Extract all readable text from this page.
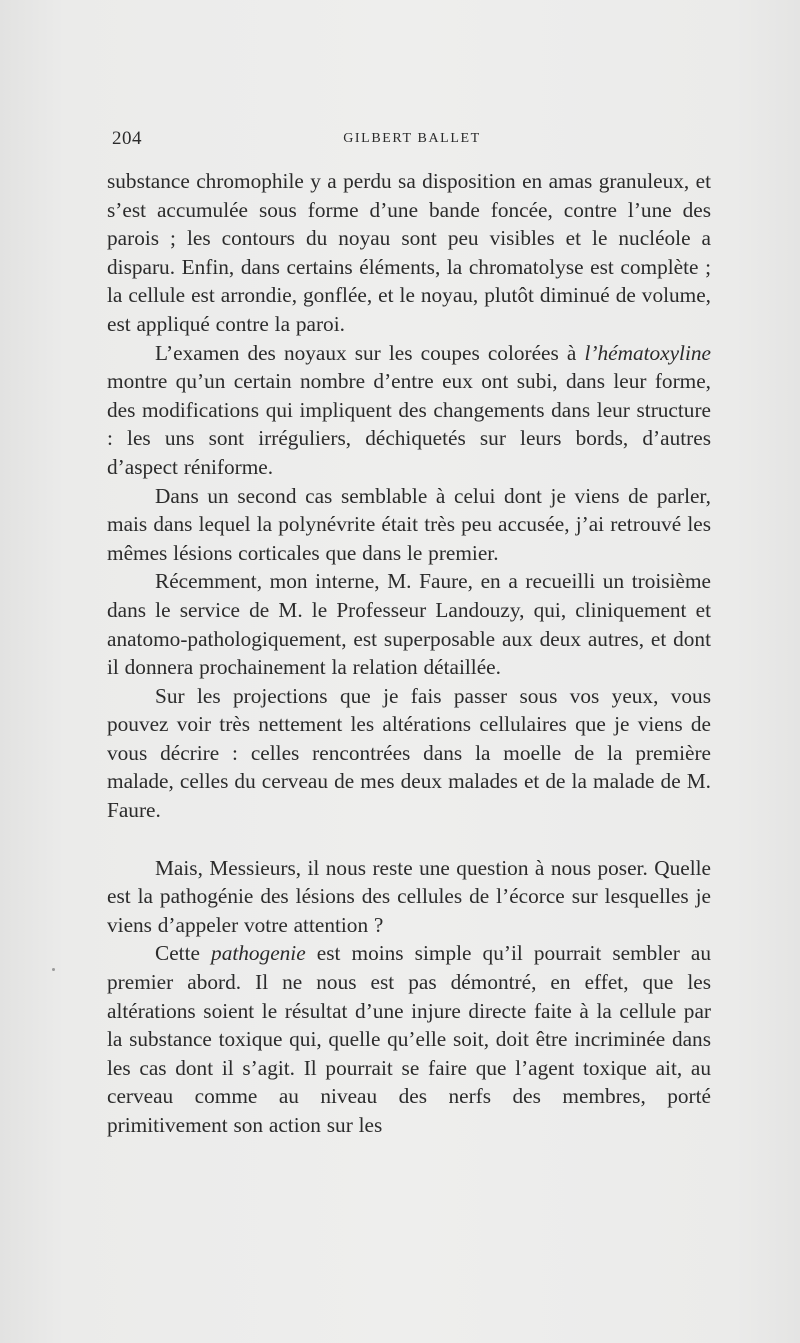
204	GILBERT BALLET

substance chromophile y a perdu sa disposition en amas granuleux, et s’est accumulée sous forme d’une bande foncée, contre l’une des parois ; les contours du noyau sont peu visibles et le nucléole a disparu. Enfin, dans certains éléments, la chromatolyse est complète ; la cellule est arrondie, gonflée, et le noyau, plutôt diminué de volume, est appliqué contre la paroi.

L’examen des noyaux sur les coupes colorées à l’hématoxyline montre qu’un certain nombre d’entre eux ont subi, dans leur forme, des modifications qui impliquent des changements dans leur structure : les uns sont irréguliers, déchiquetés sur leurs bords, d’autres d’aspect réniforme.

Dans un second cas semblable à celui dont je viens de parler, mais dans lequel la polynévrite était très peu accusée, j’ai retrouvé les mêmes lésions corticales que dans le premier.

Récemment, mon interne, M. Faure, en a recueilli un troisième dans le service de M. le Professeur Landouzy, qui, cliniquement et anatomo-pathologiquement, est superposable aux deux autres, et dont il donnera prochainement la relation détaillée.

Sur les projections que je fais passer sous vos yeux, vous pouvez voir très nettement les altérations cellulaires que je viens de vous décrire : celles rencontrées dans la moelle de la première malade, celles du cerveau de mes deux malades et de la malade de M. Faure.

Mais, Messieurs, il nous reste une question à nous poser. Quelle est la pathogénie des lésions des cellules de l’écorce sur lesquelles je viens d’appeler votre attention ?

Cette pathogenie est moins simple qu’il pourrait sembler au premier abord. Il ne nous est pas démontré, en effet, que les altérations soient le résultat d’une injure directe faite à la cellule par la substance toxique qui, quelle qu’elle soit, doit être incriminée dans les cas dont il s’agit. Il pourrait se faire que l’agent toxique ait, au cerveau comme au niveau des nerfs des membres, porté primitivement son action sur les
